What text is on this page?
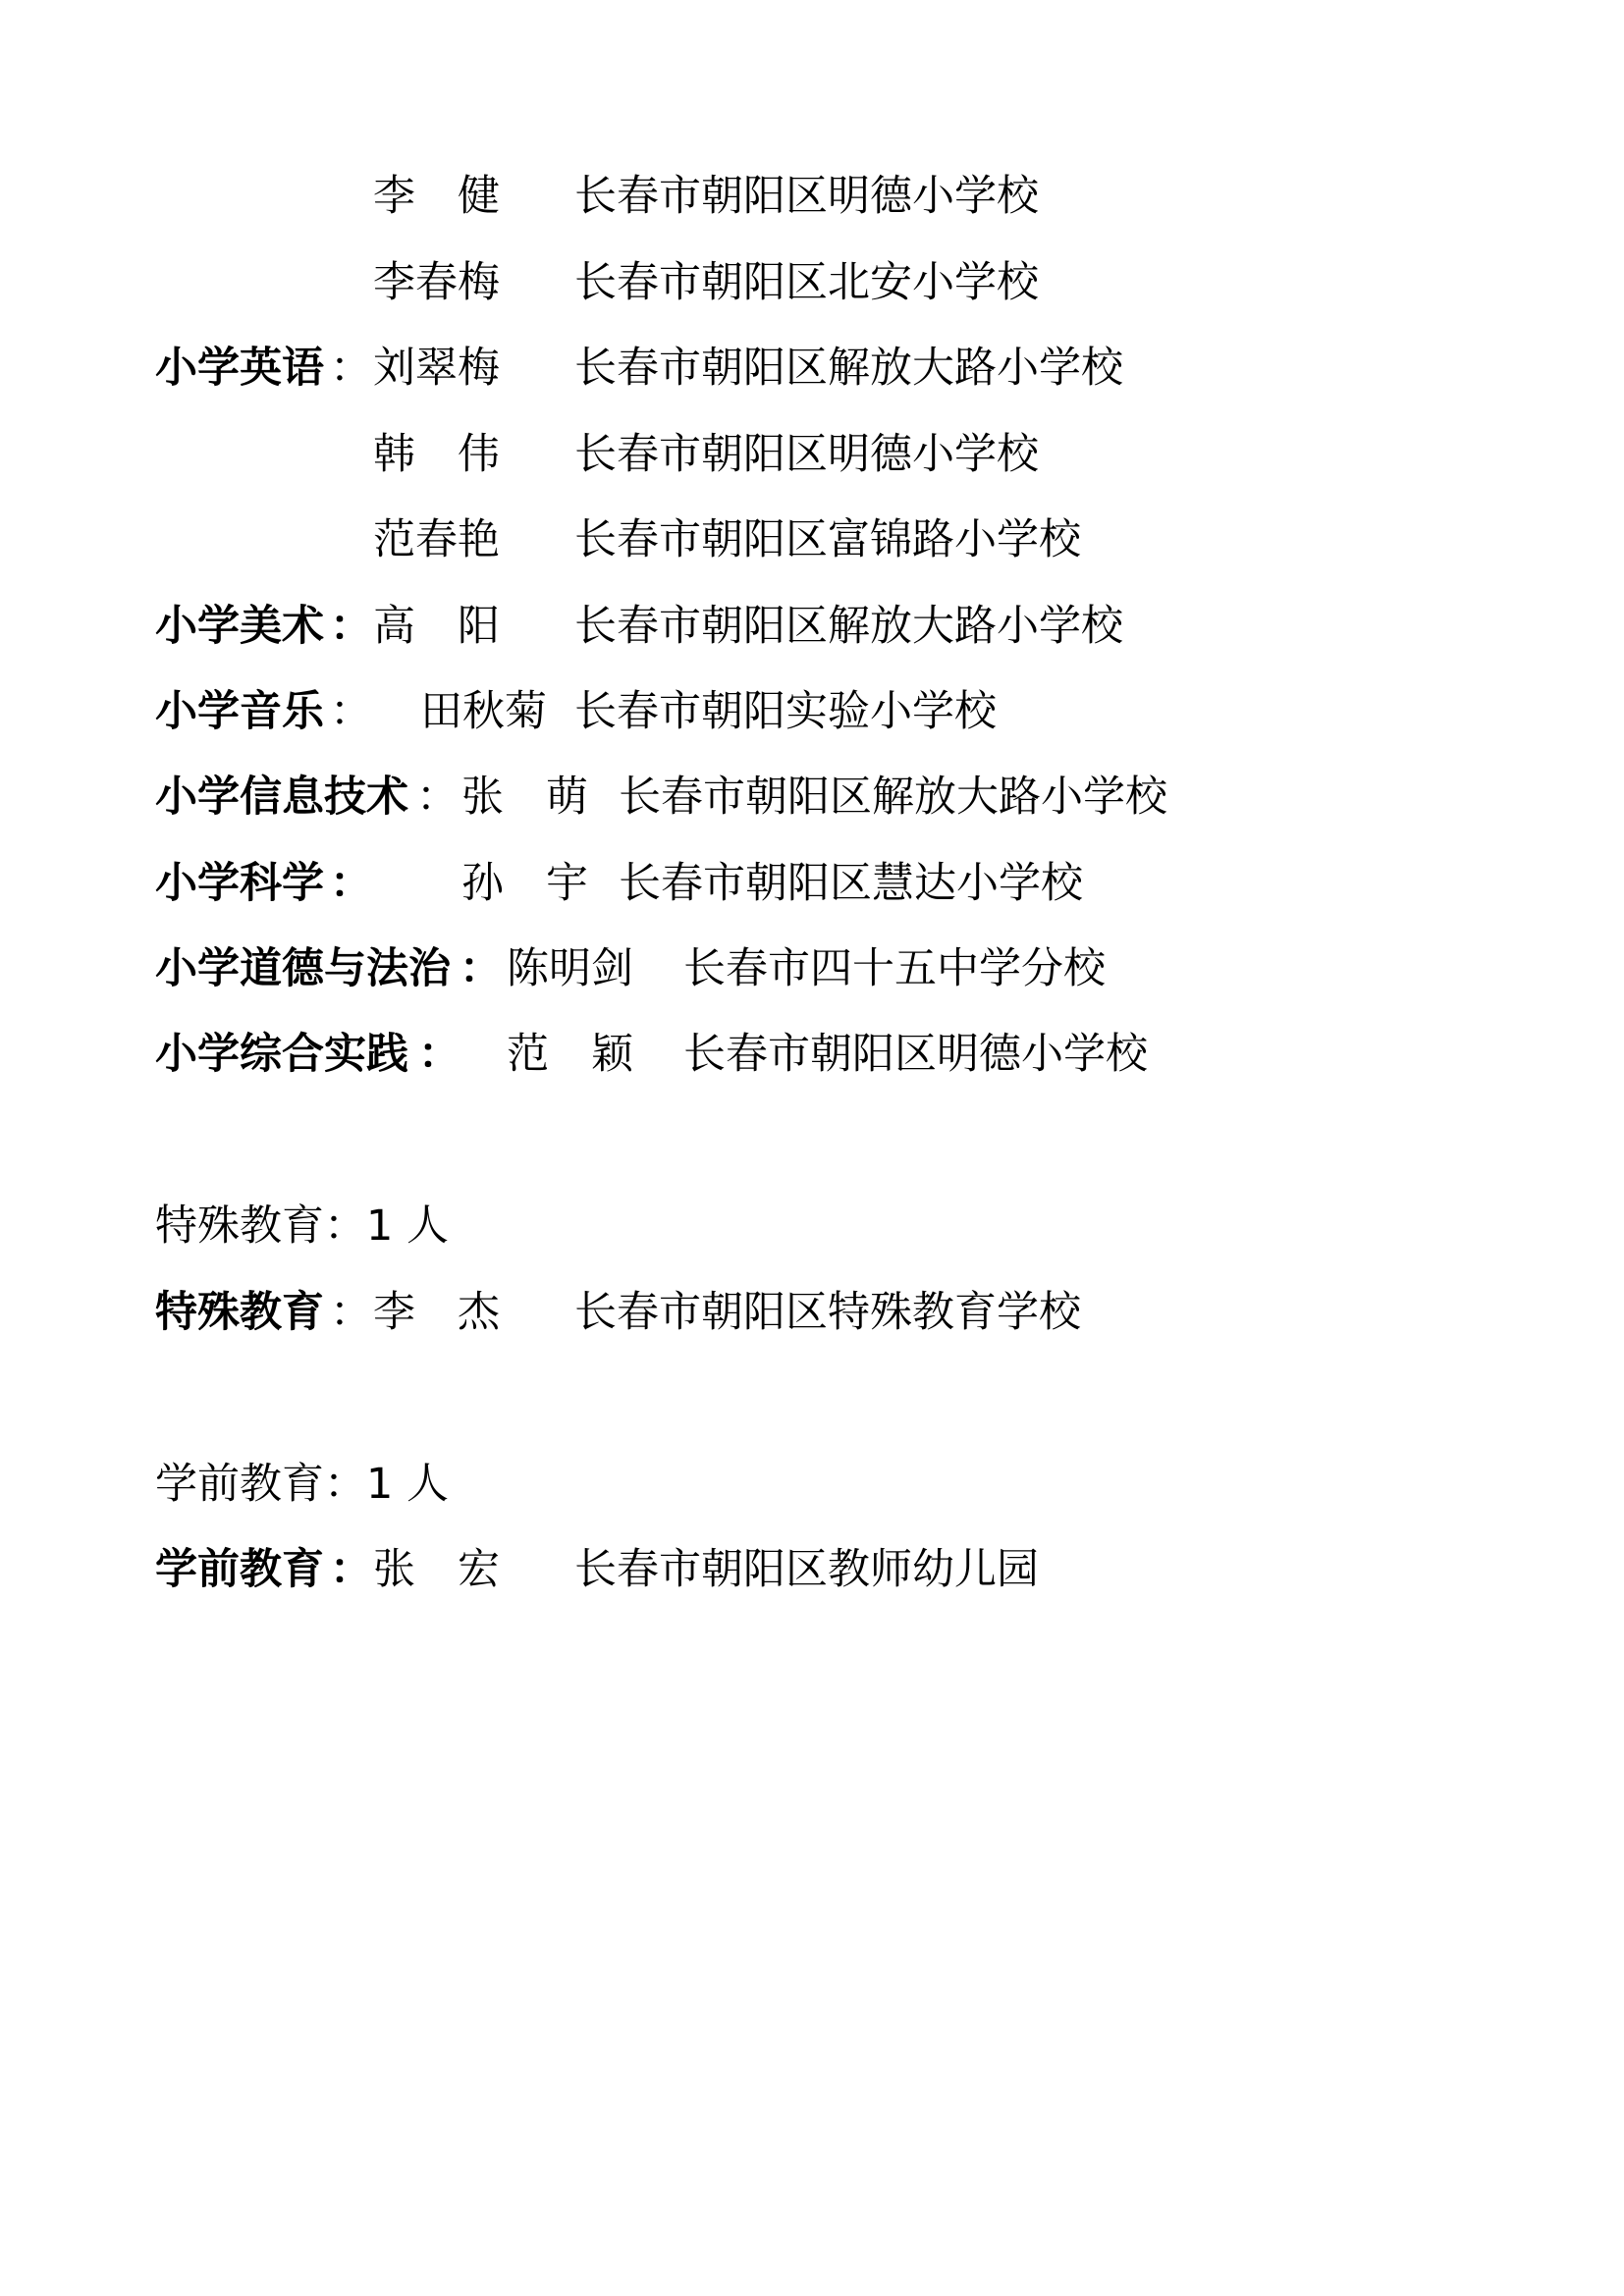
李　健 长春市朝阳区明德小学校
李春梅 长春市朝阳区北安小学校
小学英语 ： 刘翠梅 长春市朝阳区解放大路小学校
韩　伟 长春市朝阳区明德小学校
范春艳 长春市朝阳区富锦路小学校
小学美术 ： 高　阳 长春市朝阳区解放大路小学校
小学音乐 ： 田秋菊 长春市朝阳实验小学校
小学信息技术 ： 张　萌 长春市朝阳区解放大路小学校
小学科学 ： 孙　宇 长春市朝阳区慧达小学校
小学道德与法治 ： 陈明剑 长春市四十五中学分校
小学综合实践 ： 范　颖 长春市朝阳区明德小学校
特殊教育：1 人
特殊教育 ： 李　杰 长春市朝阳区特殊教育学校
学前教育：1 人
学前教育 ： 张　宏 长春市朝阳区教师幼儿园
